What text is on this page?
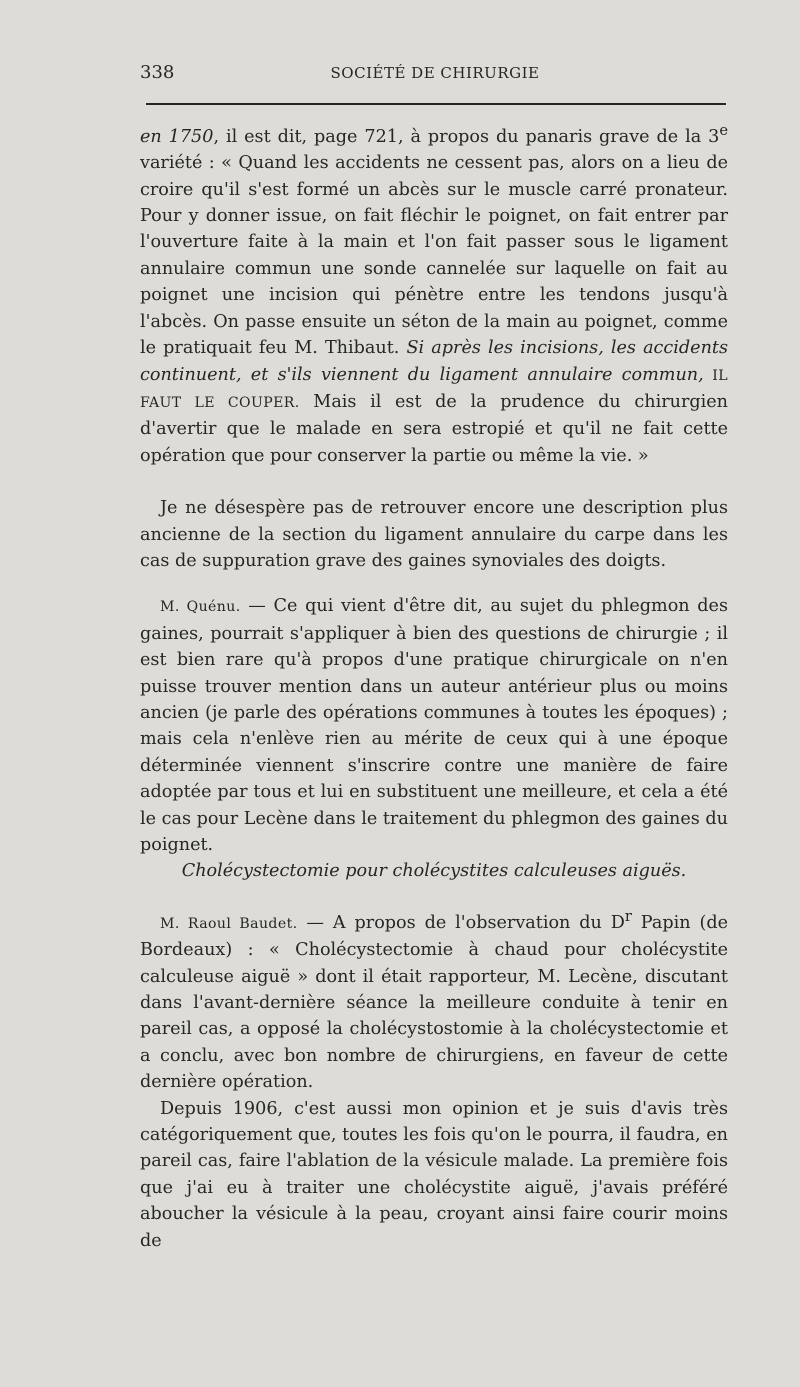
338	SOCIÉTÉ DE CHIRURGIE

en 1750, il est dit, page 721, à propos du panaris grave de la 3e variété : « Quand les accidents ne cessent pas, alors on a lieu de croire qu'il s'est formé un abcès sur le muscle carré pronateur. Pour y donner issue, on fait fléchir le poignet, on fait entrer par l'ouverture faite à la main et l'on fait passer sous le ligament annulaire commun une sonde cannelée sur laquelle on fait au poignet une incision qui pénètre entre les tendons jusqu'à l'abcès. On passe ensuite un séton de la main au poignet, comme le pratiquait feu M. Thibaut. Si après les incisions, les accidents continuent, et s'ils viennent du ligament annulaire commun, IL FAUT LE COUPER. Mais il est de la prudence du chirurgien d'avertir que le malade en sera estropié et qu'il ne fait cette opération que pour conserver la partie ou même la vie. »

Je ne désespère pas de retrouver encore une description plus ancienne de la section du ligament annulaire du carpe dans les cas de suppuration grave des gaines synoviales des doigts.

M. Quénu. — Ce qui vient d'être dit, au sujet du phlegmon des gaines, pourrait s'appliquer à bien des questions de chirurgie ; il est bien rare qu'à propos d'une pratique chirurgicale on n'en puisse trouver mention dans un auteur antérieur plus ou moins ancien (je parle des opérations communes à toutes les époques) ; mais cela n'enlève rien au mérite de ceux qui à une époque déterminée viennent s'inscrire contre une manière de faire adoptée par tous et lui en substituent une meilleure, et cela a été le cas pour Lecène dans le traitement du phlegmon des gaines du poignet.

Cholécystectomie pour cholécystites calculeuses aiguës.

M. Raoul Baudet. — A propos de l'observation du $D^r$ Papin (de Bordeaux) : « Cholécystectomie à chaud pour cholécystite calculeuse aiguë » dont il était rapporteur, M. Lecène, discutant dans l'avant-dernière séance la meilleure conduite à tenir en pareil cas, a opposé la cholécystostomie à la cholécystectomie et a conclu, avec bon nombre de chirurgiens, en faveur de cette dernière opération.

Depuis 1906, c'est aussi mon opinion et je suis d'avis très catégoriquement que, toutes les fois qu'on le pourra, il faudra, en pareil cas, faire l'ablation de la vésicule malade. La première fois que j'ai eu à traiter une cholécystite aiguë, j'avais préféré aboucher la vésicule à la peau, croyant ainsi faire courir moins de
